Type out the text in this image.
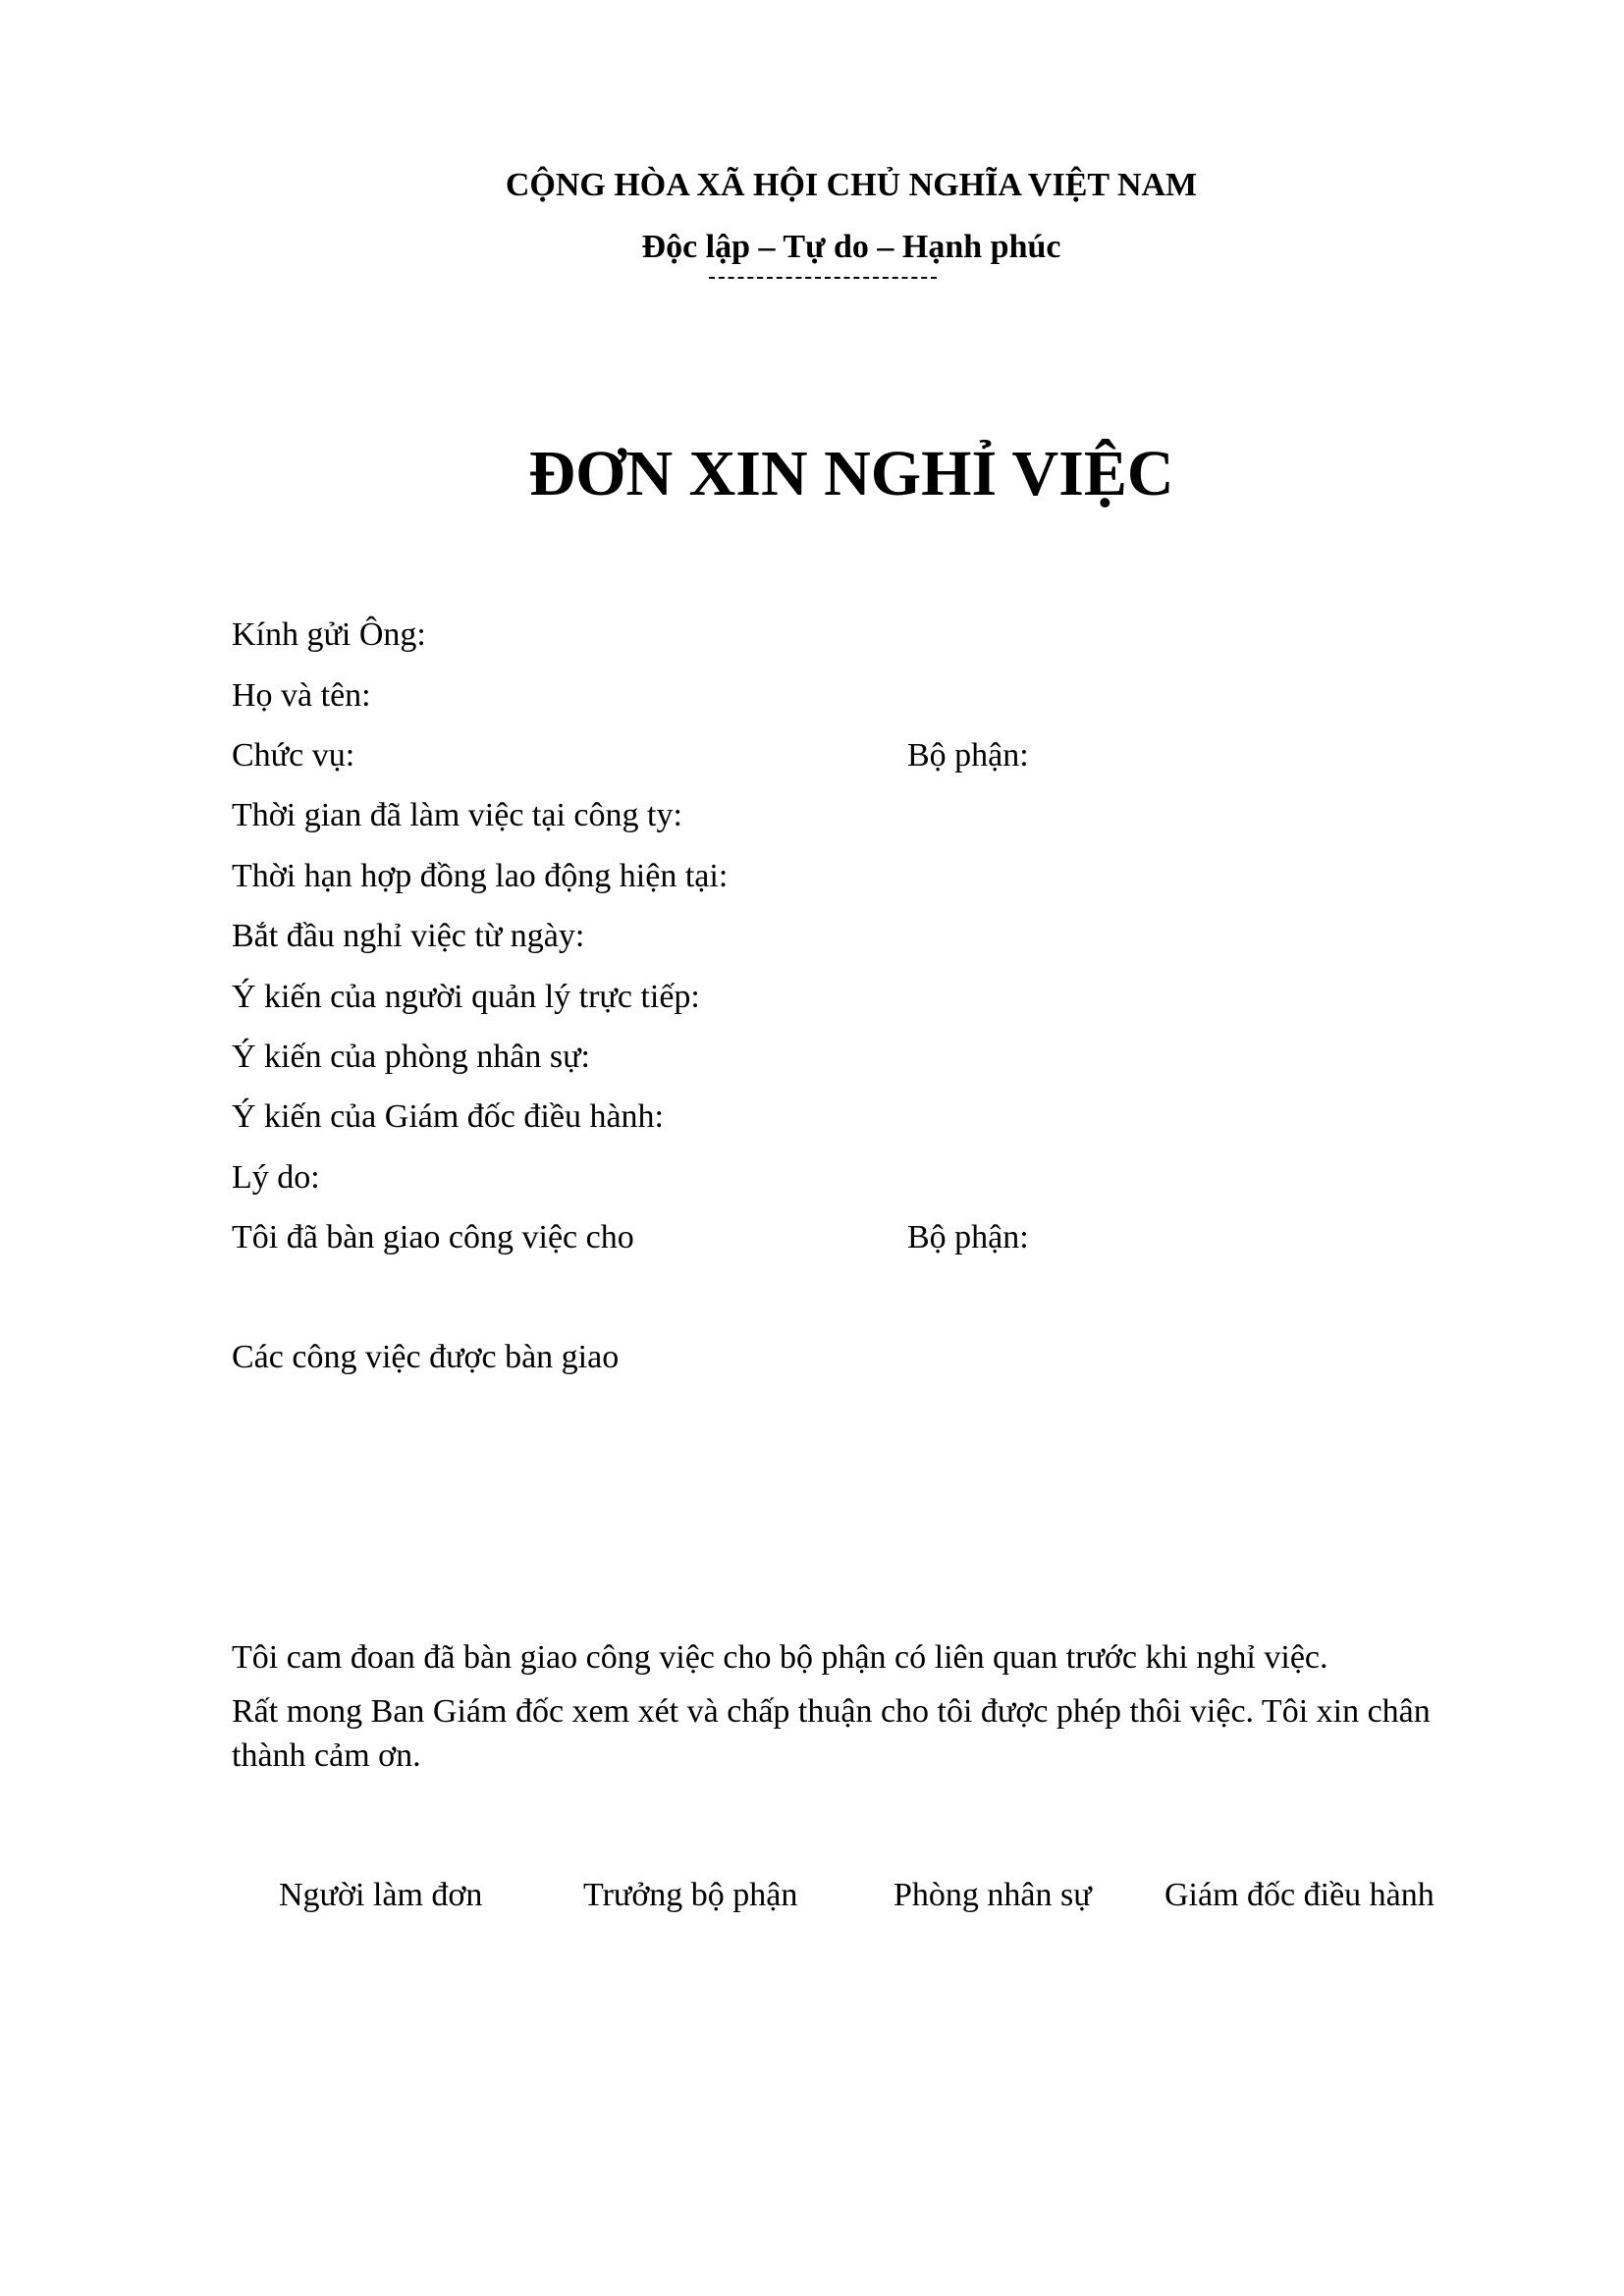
CỘNG HÒA XÃ HỘI CHỦ NGHĨA VIỆT NAM
Độc lập – Tự do – Hạnh phúc
ĐƠN XIN NGHỈ VIỆC
Kính gửi Ông:
Họ và tên:
Chức vụ:	Bộ phận:
Thời gian đã làm việc tại công ty:
Thời hạn hợp đồng lao động hiện tại:
Bắt đầu nghỉ việc từ ngày:
Ý kiến của người quản lý trực tiếp:
Ý kiến của phòng nhân sự:
Ý kiến của Giám đốc điều hành:
Lý do:
Tôi đã bàn giao công việc cho	Bộ phận:
Các công việc được bàn giao
Tôi cam đoan đã bàn giao công việc cho bộ phận có liên quan trước khi nghỉ việc.
Rất mong Ban Giám đốc xem xét và chấp thuận cho tôi được phép thôi việc. Tôi xin chân thành cảm ơn.
Người làm đơn	Trưởng bộ phận	Phòng nhân sự Giám đốc điều hành
